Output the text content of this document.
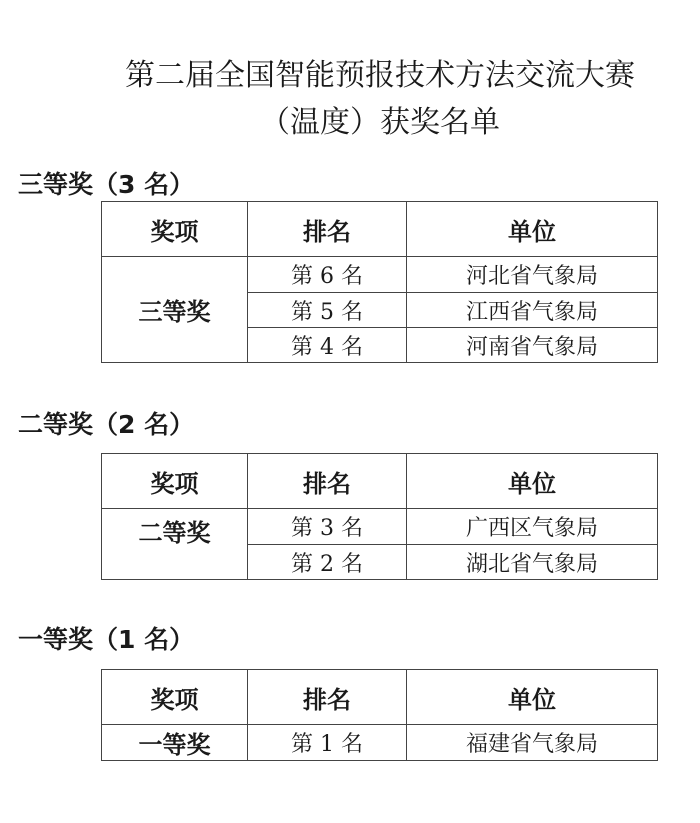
第二届全国智能预报技术方法交流大赛
（温度）获奖名单
三等奖（3 名）
奖项	排名	单位
三等奖	第 6 名	河北省气象局
	第 5 名	江西省气象局
	第 4 名	河南省气象局
二等奖（2 名）
奖项	排名	单位
二等奖	第 3 名	广西区气象局
	第 2 名	湖北省气象局
一等奖（1 名）
奖项	排名	单位
一等奖	第 1 名	福建省气象局
